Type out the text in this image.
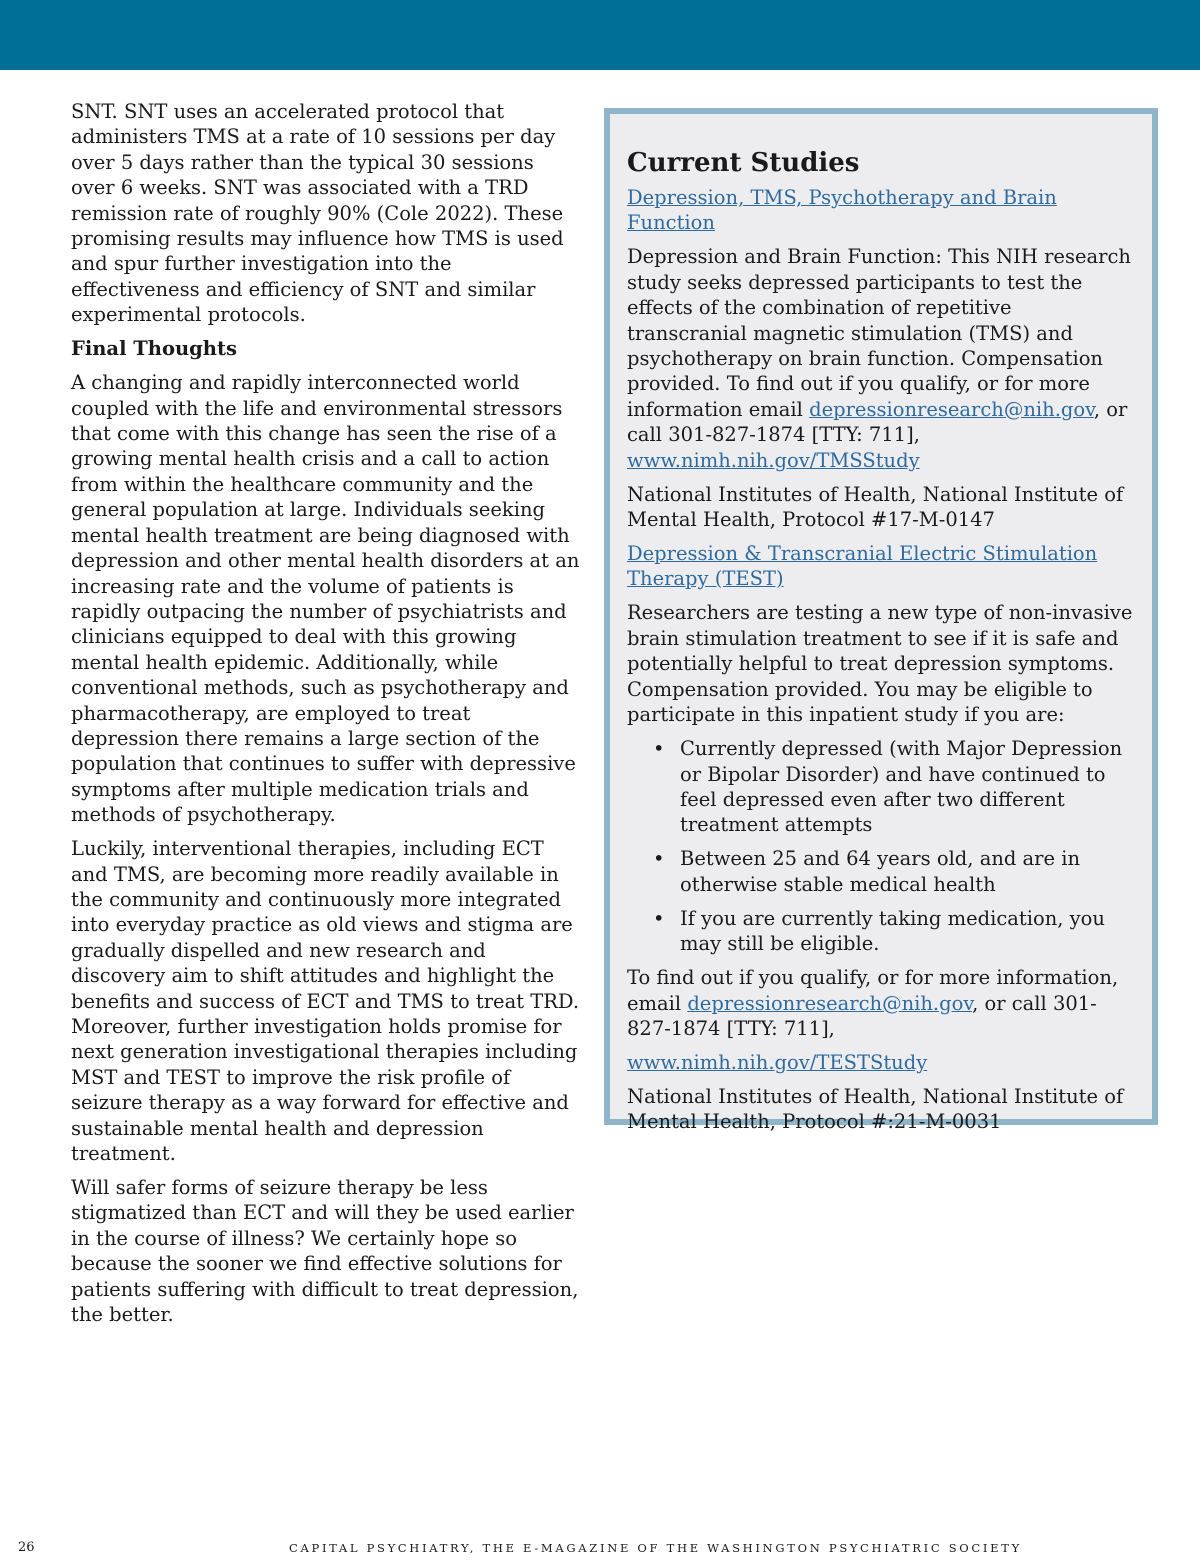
SNT. SNT uses an accelerated protocol that administers TMS at a rate of 10 sessions per day over 5 days rather than the typical 30 sessions over 6 weeks. SNT was associated with a TRD remission rate of roughly 90% (Cole 2022). These promising results may influence how TMS is used and spur further investigation into the effectiveness and efficiency of SNT and similar experimental protocols.

Final Thoughts

A changing and rapidly interconnected world coupled with the life and environmental stressors that come with this change has seen the rise of a growing mental health crisis and a call to action from within the healthcare community and the general population at large. Individuals seeking mental health treatment are being diagnosed with depression and other mental health disorders at an increasing rate and the volume of patients is rapidly outpacing the number of psychiatrists and clinicians equipped to deal with this growing mental health epidemic. Additionally, while conventional methods, such as psychotherapy and pharmacotherapy, are employed to treat depression there remains a large section of the population that continues to suffer with depressive symptoms after multiple medication trials and methods of psychotherapy.

Luckily, interventional therapies, including ECT and TMS, are becoming more readily available in the community and continuously more integrated into everyday practice as old views and stigma are gradually dispelled and new research and discovery aim to shift attitudes and highlight the benefits and success of ECT and TMS to treat TRD. Moreover, further investigation holds promise for next generation investigational therapies including MST and TEST to improve the risk profile of seizure therapy as a way forward for effective and sustainable mental health and depression treatment.

Will safer forms of seizure therapy be less stigmatized than ECT and will they be used earlier in the course of illness? We certainly hope so because the sooner we find effective solutions for patients suffering with difficult to treat depression, the better.

Current Studies

Depression, TMS, Psychotherapy and Brain Function

Depression and Brain Function: This NIH research study seeks depressed participants to test the effects of the combination of repetitive transcranial magnetic stimulation (TMS) and psychotherapy on brain function. Compensation provided. To find out if you qualify, or for more information email depressionresearch@nih.gov, or call 301-827-1874 [TTY: 711], www.nimh.nih.gov/TMSStudy

National Institutes of Health, National Institute of Mental Health, Protocol #17-M-0147

Depression & Transcranial Electric Stimulation Therapy (TEST)

Researchers are testing a new type of non-invasive brain stimulation treatment to see if it is safe and potentially helpful to treat depression symptoms. Compensation provided. You may be eligible to participate in this inpatient study if you are:

• Currently depressed (with Major Depression or Bipolar Disorder) and have continued to feel depressed even after two different treatment attempts
• Between 25 and 64 years old, and are in otherwise stable medical health
• If you are currently taking medication, you may still be eligible.

To find out if you qualify, or for more information, email depressionresearch@nih.gov, or call 301-827-1874 [TTY: 711],

www.nimh.nih.gov/TESTStudy

National Institutes of Health, National Institute of Mental Health, Protocol #:21-M-0031

26	CAPITAL PSYCHIATRY, THE E-MAGAZINE OF THE WASHINGTON PSYCHIATRIC SOCIETY
